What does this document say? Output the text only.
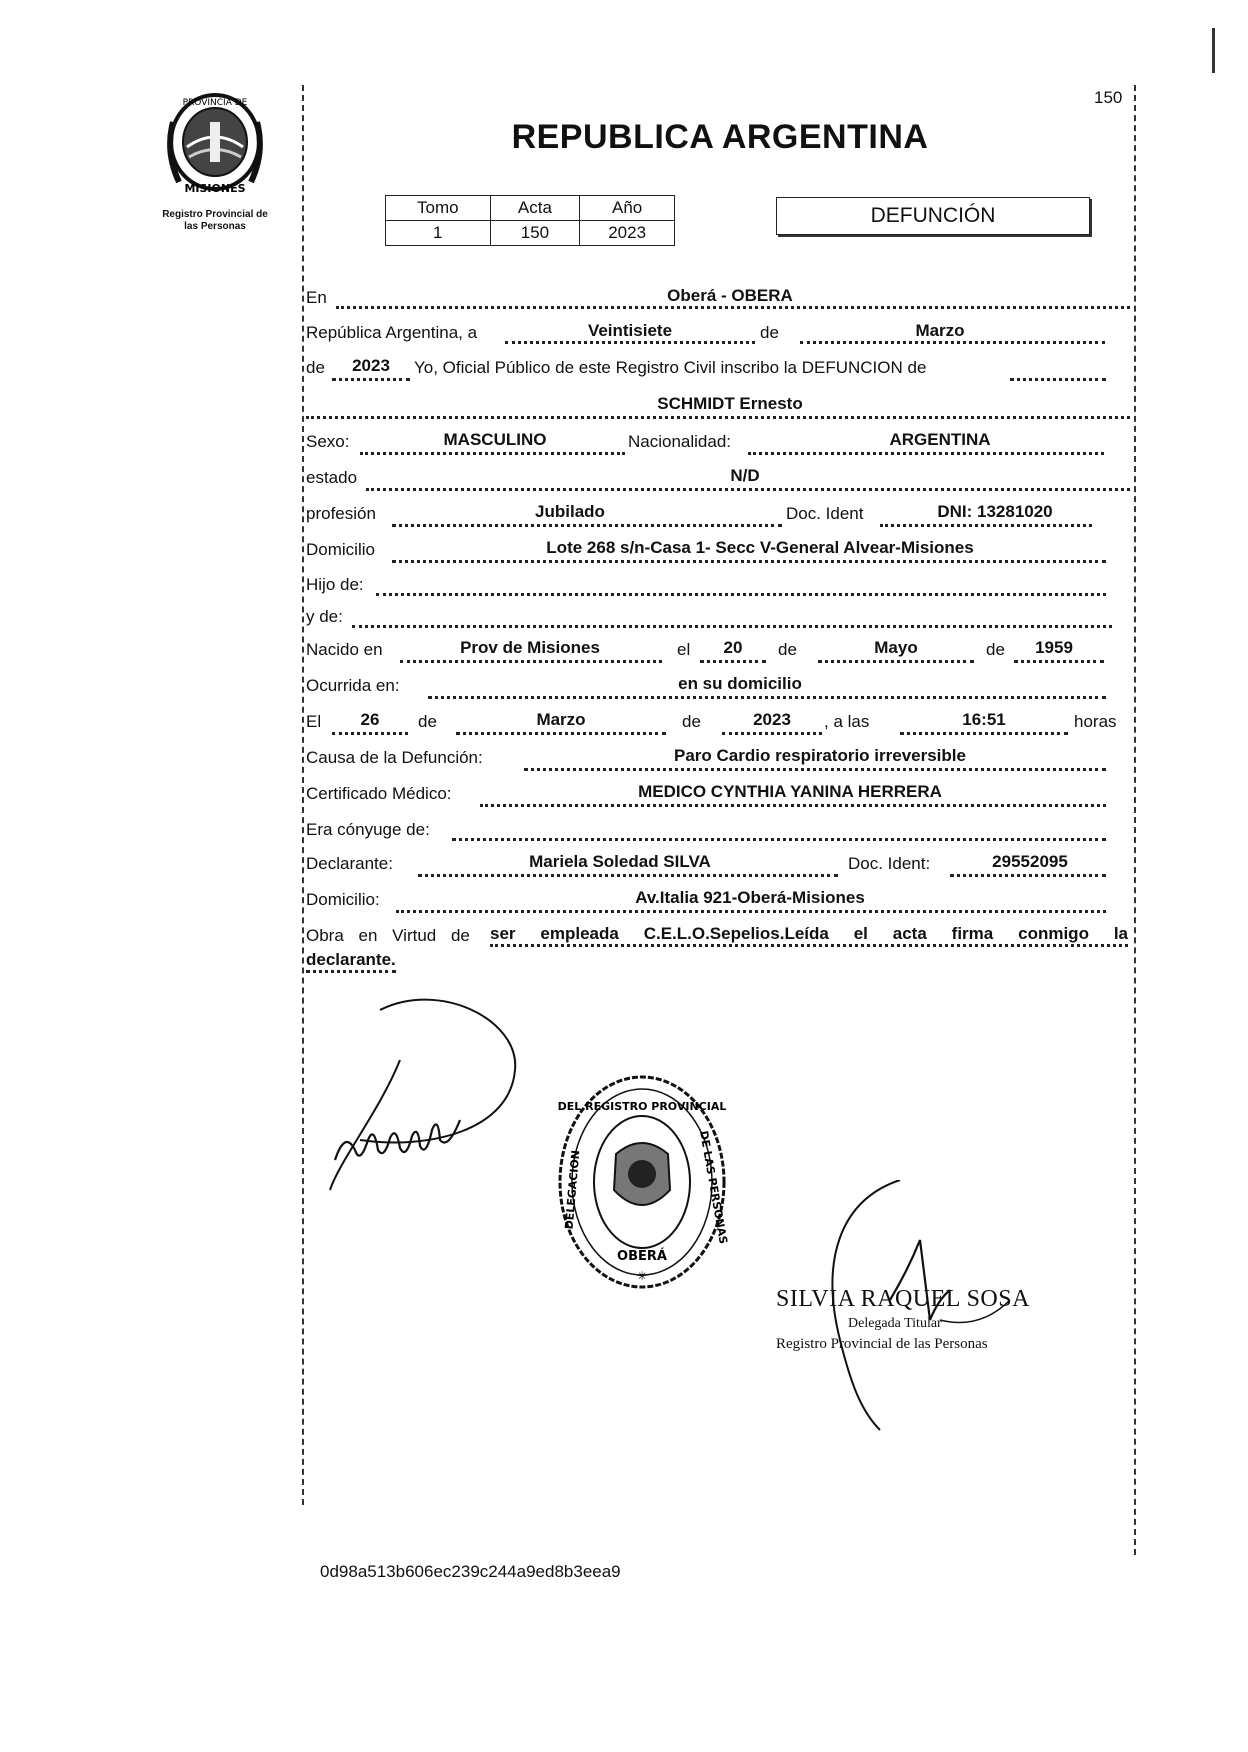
PROVINCIA DE
MISIONES
Registro Provincial de
las Personas
150
REPUBLICA ARGENTINA
Tomo	Acta	Año
1	150	2023
DEFUNCIÓN
En	Oberá - OBERA
República Argentina, a	Veintisiete	de	Marzo
de	2023	Yo, Oficial Público de este Registro Civil inscribo la DEFUNCION de
SCHMIDT Ernesto
Sexo:	MASCULINO	Nacionalidad:	ARGENTINA
estado	N/D
profesión	Jubilado	Doc. Ident	DNI: 13281020
Domicilio	Lote 268 s/n-Casa 1- Secc V-General Alvear-Misiones
Hijo de:
y de:
Nacido en	Prov de Misiones	el	20	de	Mayo	de	1959
Ocurrida en:	en su domicilio
El	26	de	Marzo	de	2023	, a las	16:51	horas
Causa de la Defunción:	Paro Cardio respiratorio irreversible
Certificado Médico:	MEDICO CYNTHIA YANINA HERRERA
Era cónyuge de:
Declarante:	Mariela Soledad SILVA	Doc. Ident:	29552095
Domicilio:	Av.Italia 921-Oberá-Misiones
Obra en Virtud de ser empleada C.E.L.O.Sepelios.Leída el acta firma conmigo la
declarante.
DEL REGISTRO PROVINCIAL
DELEGACION	DE LAS PERSONAS
OBERÁ
✳
SILVIA RAQUEL SOSA
Delegada Titular
Registro Provincial de las Personas
0d98a513b606ec239c244a9ed8b3eea9
